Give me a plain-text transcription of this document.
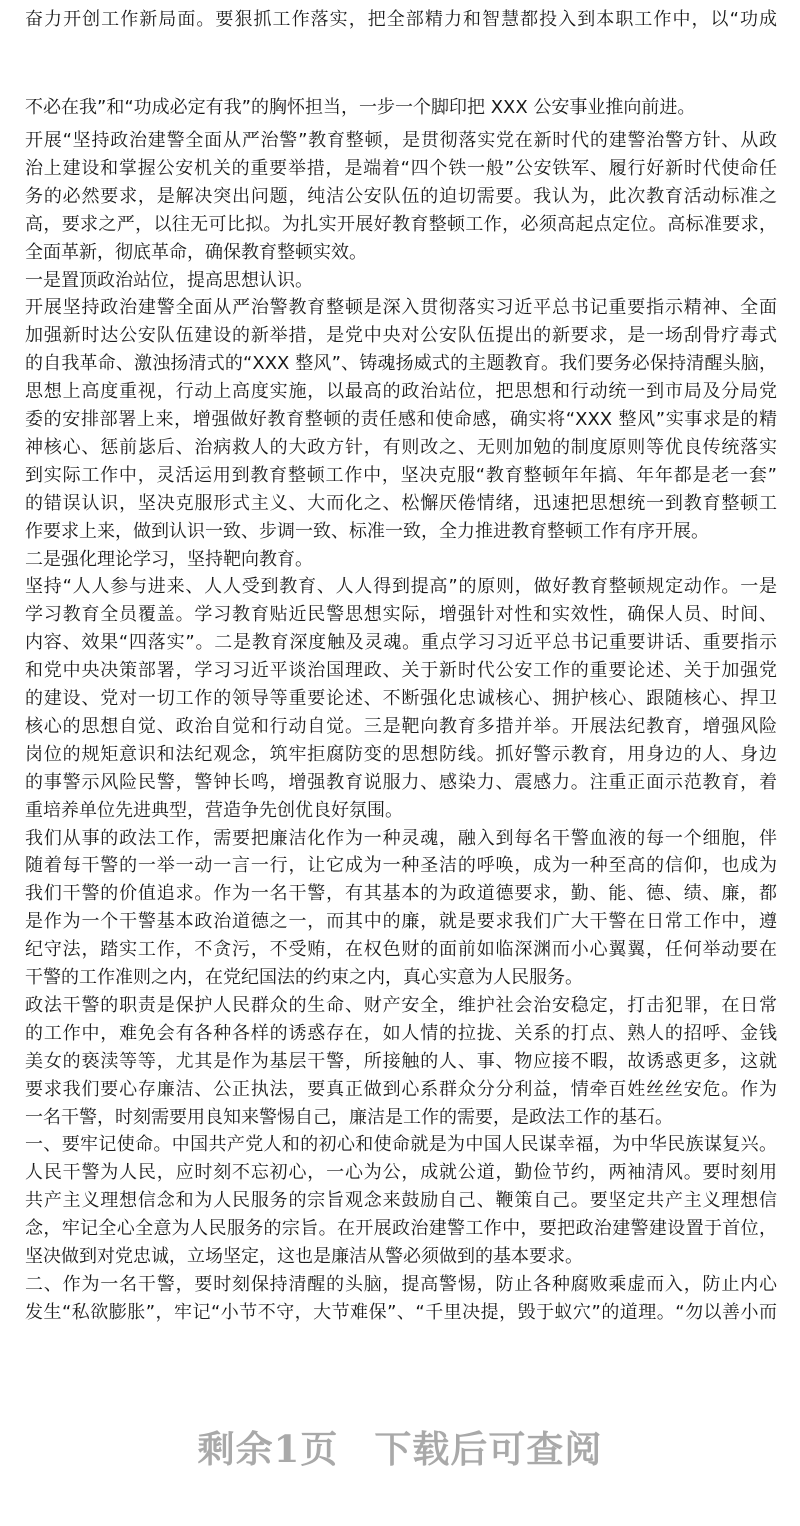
奋力开创工作新局面。要狠抓工作落实，把全部精力和智慧都投入到本职工作中，以“功成
不必在我”和“功成必定有我”的胸怀担当，一步一个脚印把 XXX 公安事业推向前进。
开展“坚持政治建警全面从严治警”教育整顿，是贯彻落实党在新时代的建警治警方针、从政
治上建设和掌握公安机关的重要举措，是端着“四个铁一般”公安铁军、履行好新时代使命任
务的必然要求，是解决突出问题，纯洁公安队伍的迫切需要。我认为，此次教育活动标准之
高，要求之严，以往无可比拟。为扎实开展好教育整顿工作，必须高起点定位。高标准要求，
全面革新，彻底革命，确保教育整顿实效。
一是置顶政治站位，提高思想认识。
开展坚持政治建警全面从严治警教育整顿是深入贯彻落实习近平总书记重要指示精神、全面
加强新时达公安队伍建设的新举措，是党中央对公安队伍提出的新要求，是一场刮骨疗毒式
的自我革命、激浊扬清式的“XXX 整风”、铸魂扬威式的主题教育。我们要务必保持清醒头脑，
思想上高度重视，行动上高度实施，以最高的政治站位，把思想和行动统一到市局及分局党
委的安排部署上来，增强做好教育整顿的责任感和使命感，确实将“XXX 整风”实事求是的精
神核心、惩前毖后、治病救人的大政方针，有则改之、无则加勉的制度原则等优良传统落实
到实际工作中，灵活运用到教育整顿工作中，坚决克服“教育整顿年年搞、年年都是老一套”
的错误认识，坚决克服形式主义、大而化之、松懈厌倦情绪，迅速把思想统一到教育整顿工
作要求上来，做到认识一致、步调一致、标准一致，全力推进教育整顿工作有序开展。
二是强化理论学习，坚持靶向教育。
坚持“人人参与进来、人人受到教育、人人得到提高”的原则，做好教育整顿规定动作。一是
学习教育全员覆盖。学习教育贴近民警思想实际，增强针对性和实效性，确保人员、时间、
内容、效果“四落实”。二是教育深度触及灵魂。重点学习习近平总书记重要讲话、重要指示
和党中央决策部署，学习习近平谈治国理政、关于新时代公安工作的重要论述、关于加强党
的建设、党对一切工作的领导等重要论述、不断强化忠诚核心、拥护核心、跟随核心、捍卫
核心的思想自觉、政治自觉和行动自觉。三是靶向教育多措并举。开展法纪教育，增强风险
岗位的规矩意识和法纪观念，筑牢拒腐防变的思想防线。抓好警示教育，用身边的人、身边
的事警示风险民警，警钟长鸣，增强教育说服力、感染力、震感力。注重正面示范教育，着
重培养单位先进典型，营造争先创优良好氛围。
我们从事的政法工作，需要把廉洁化作为一种灵魂，融入到每名干警血液的每一个细胞，伴
随着每干警的一举一动一言一行，让它成为一种圣洁的呼唤，成为一种至高的信仰，也成为
我们干警的价值追求。作为一名干警，有其基本的为政道德要求，勤、能、德、绩、廉，都
是作为一个干警基本政治道德之一，而其中的廉，就是要求我们广大干警在日常工作中，遵
纪守法，踏实工作，不贪污，不受贿，在权色财的面前如临深渊而小心翼翼，任何举动要在
干警的工作准则之内，在党纪国法的约束之内，真心实意为人民服务。
政法干警的职责是保护人民群众的生命、财产安全，维护社会治安稳定，打击犯罪，在日常
的工作中，难免会有各种各样的诱惑存在，如人情的拉拢、关系的打点、熟人的招呼、金钱
美女的亵渎等等，尤其是作为基层干警，所接触的人、事、物应接不暇，故诱惑更多，这就
要求我们要心存廉洁、公正执法，要真正做到心系群众分分利益，情牵百姓丝丝安危。作为
一名干警，时刻需要用良知来警惕自己，廉洁是工作的需要，是政法工作的基石。
一、要牢记使命。中国共产党人和的初心和使命就是为中国人民谋幸福，为中华民族谋复兴。
人民干警为人民，应时刻不忘初心，一心为公，成就公道，勤俭节约，两袖清风。要时刻用
共产主义理想信念和为人民服务的宗旨观念来鼓励自己、鞭策自己。要坚定共产主义理想信
念，牢记全心全意为人民服务的宗旨。在开展政治建警工作中，要把政治建警建设置于首位，
坚决做到对党忠诚，立场坚定，这也是廉洁从警必须做到的基本要求。
二、作为一名干警，要时刻保持清醒的头脑，提高警惕，防止各种腐败乘虚而入，防止内心
发生“私欲膨胀”，牢记“小节不守，大节难保”、“千里决提，毁于蚁穴”的道理。“勿以善小而
剩余1页 下载后可查阅
